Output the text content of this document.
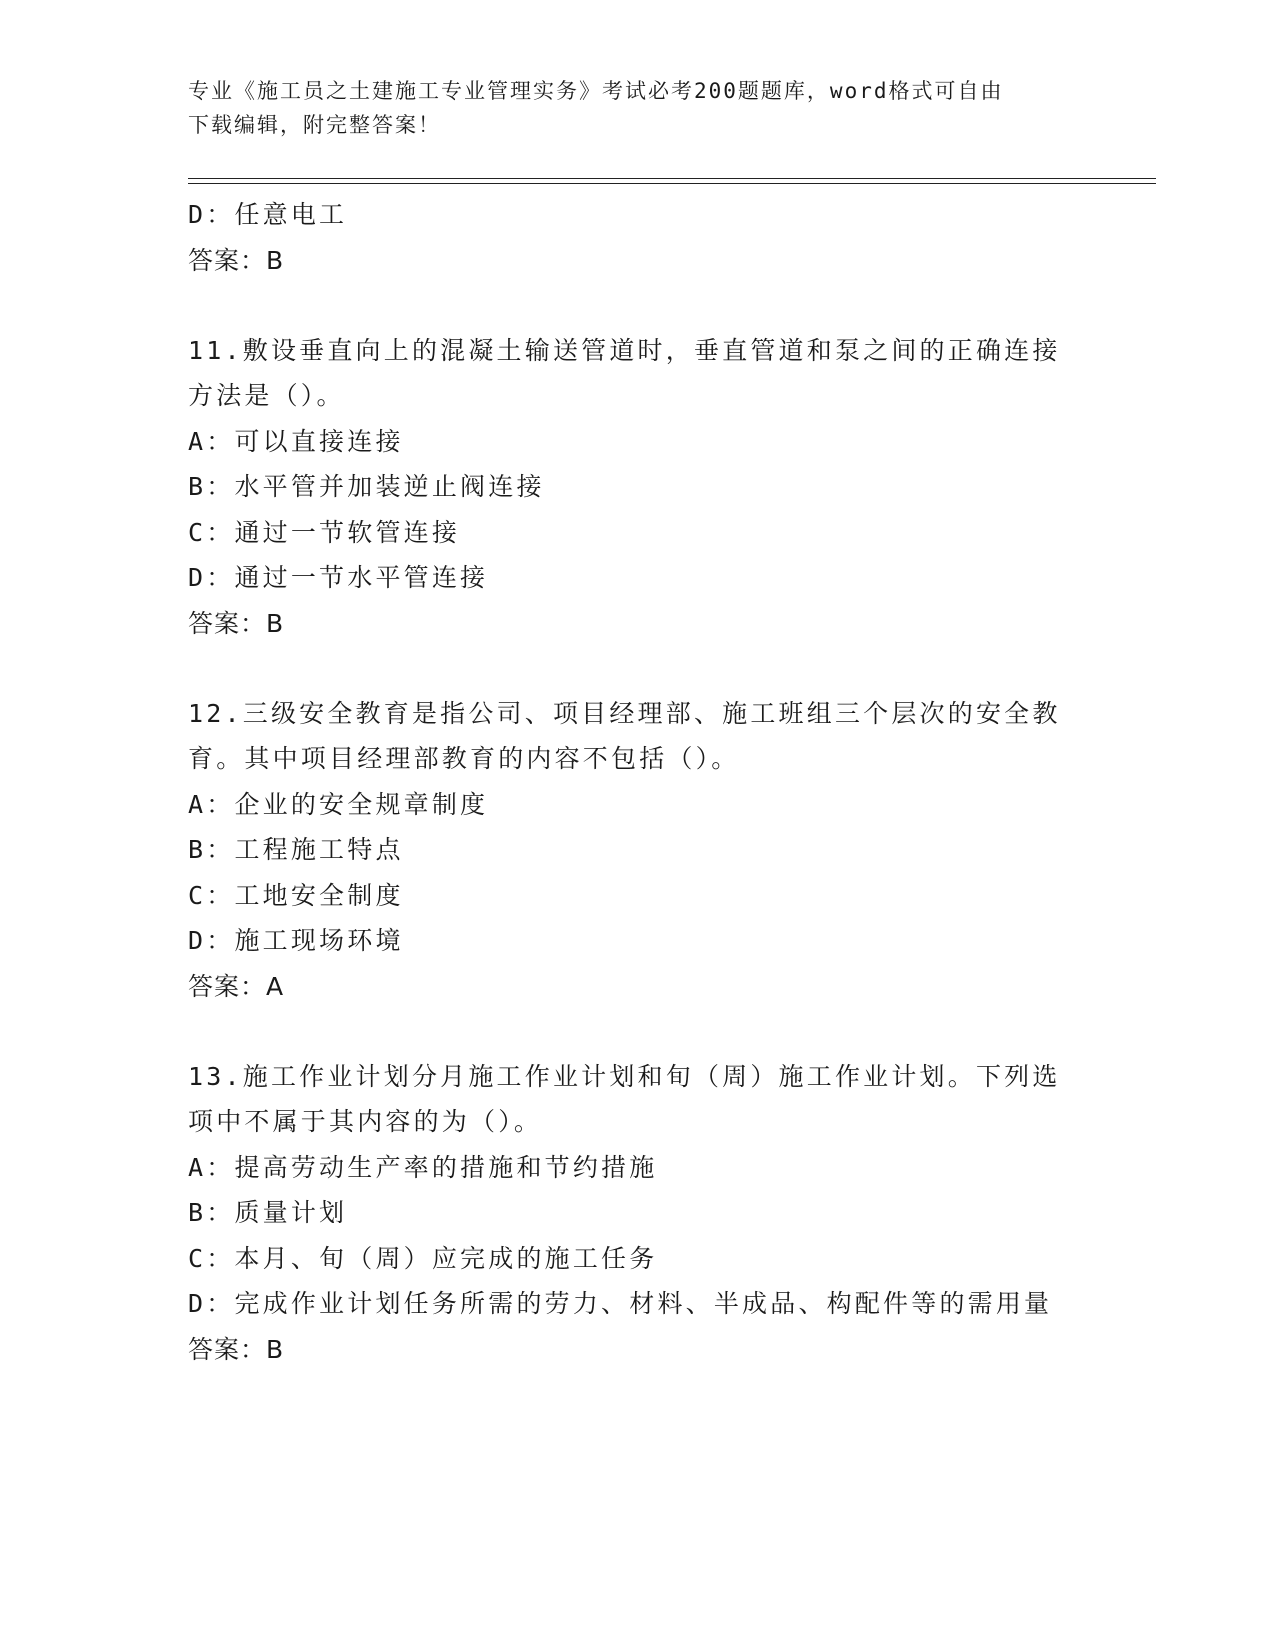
专业《施工员之土建施工专业管理实务》考试必考200题题库，word格式可自由
下载编辑，附完整答案！
D：任意电工
答案：B
11.敷设垂直向上的混凝土输送管道时，垂直管道和泵之间的正确连接
方法是（）。
A：可以直接连接
B：水平管并加装逆止阀连接
C：通过一节软管连接
D：通过一节水平管连接
答案：B
12.三级安全教育是指公司、项目经理部、施工班组三个层次的安全教
育。其中项目经理部教育的内容不包括（）。
A：企业的安全规章制度
B：工程施工特点
C：工地安全制度
D：施工现场环境
答案：A
13.施工作业计划分月施工作业计划和旬（周）施工作业计划。下列选
项中不属于其内容的为（）。
A：提高劳动生产率的措施和节约措施
B：质量计划
C：本月、旬（周）应完成的施工任务
D：完成作业计划任务所需的劳力、材料、半成品、构配件等的需用量
答案：B
